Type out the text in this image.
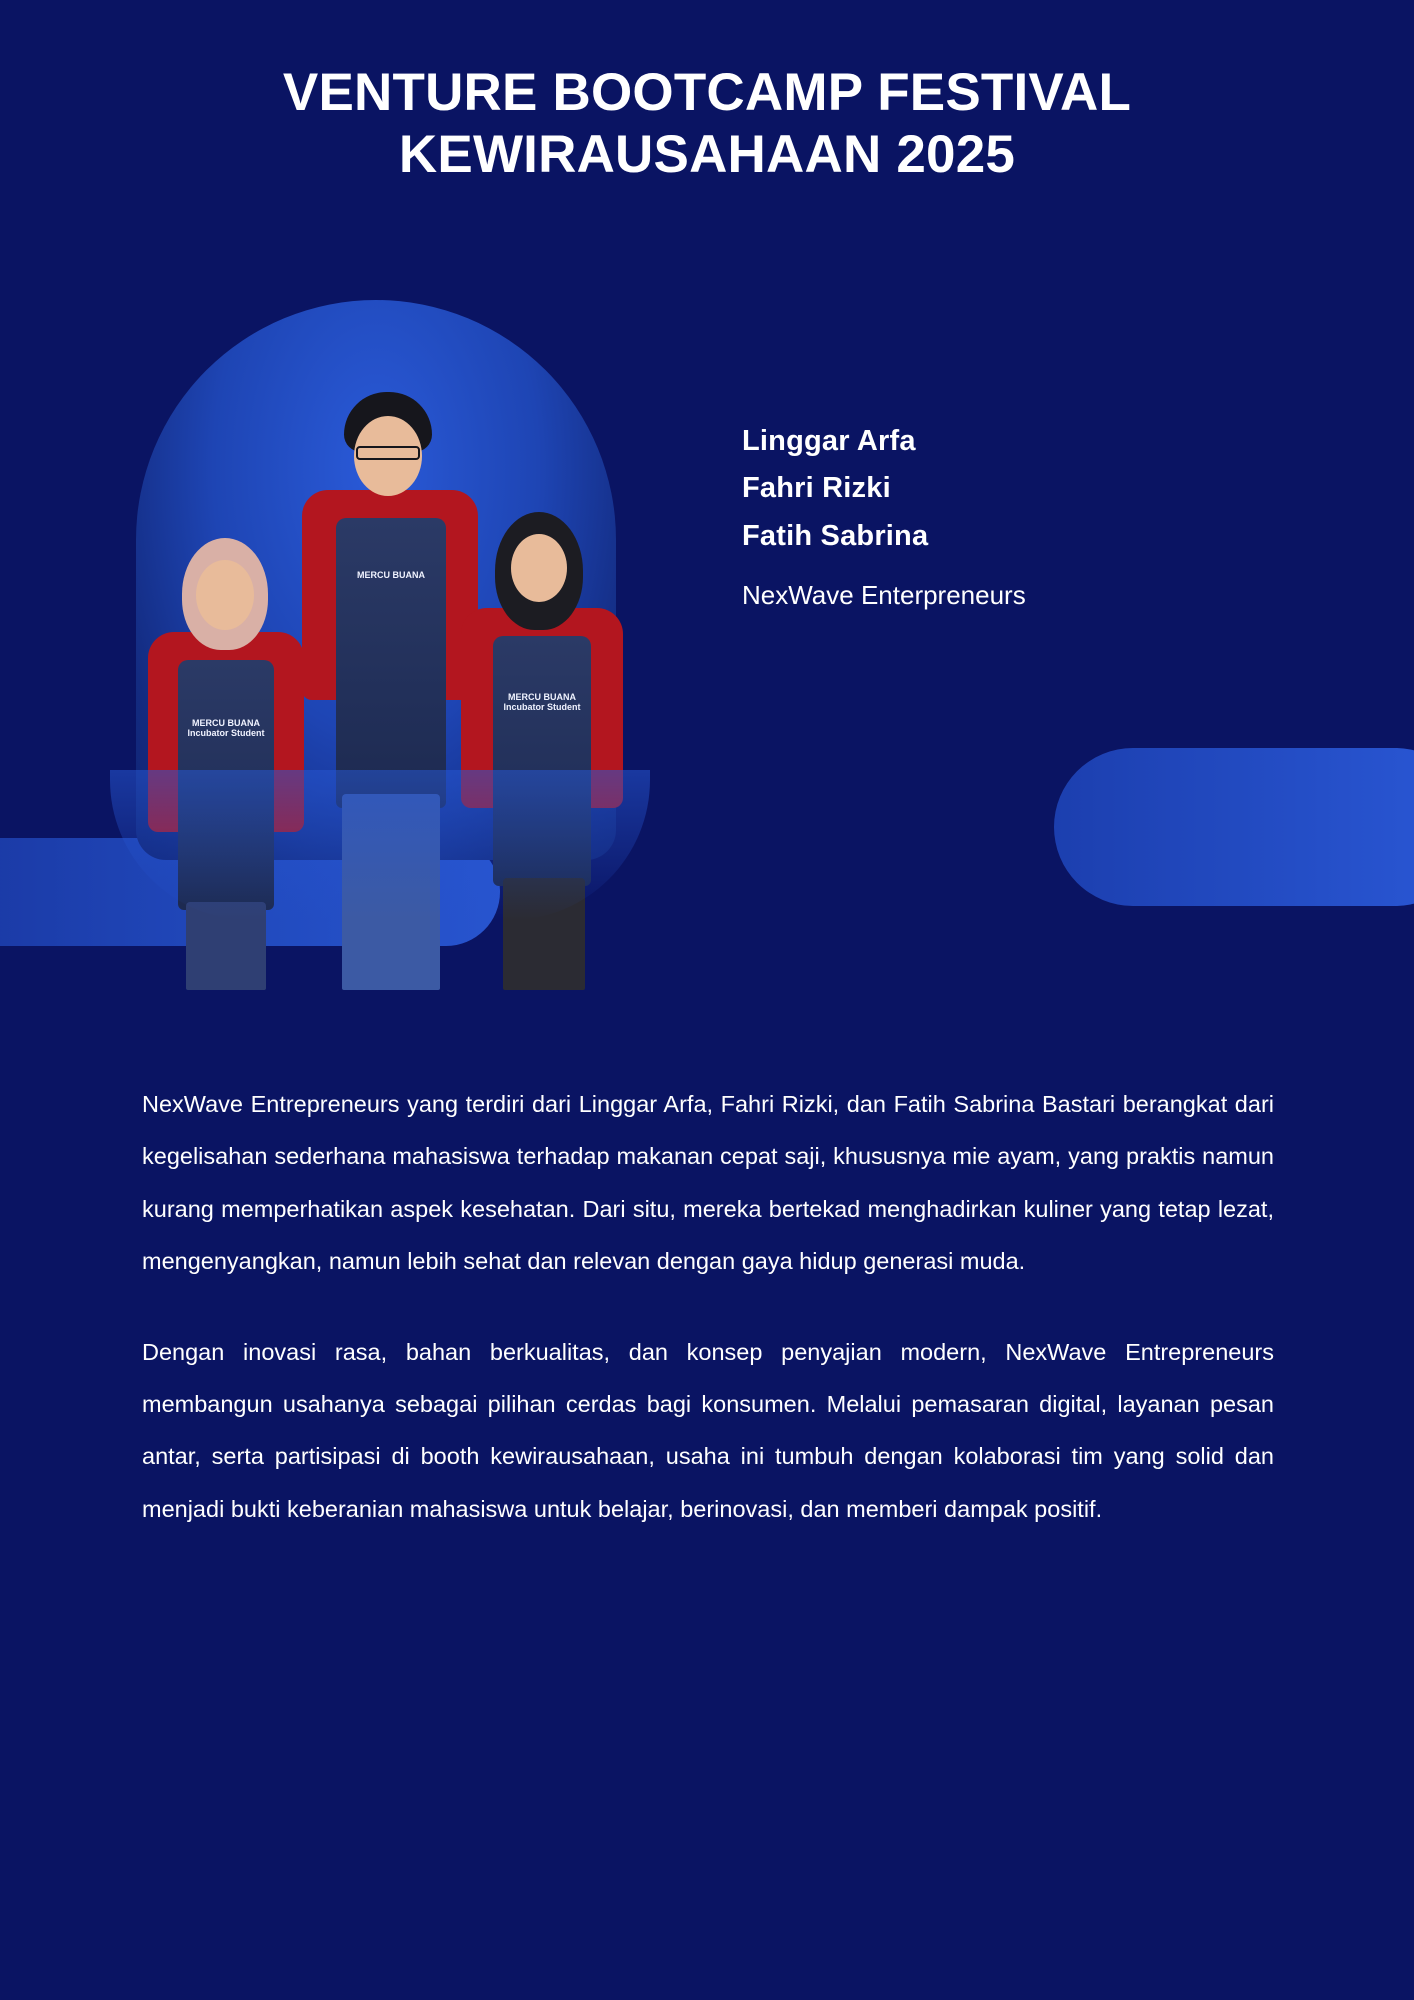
VENTURE BOOTCAMP FESTIVAL KEWIRAUSAHAAN 2025
MERCU BUANA Incubator Student
MERCU BUANA
MERCU BUANA Incubator Student
Linggar Arfa
Fahri Rizki
Fatih Sabrina
NexWave Enterpreneurs

NexWave Entrepreneurs yang terdiri dari Linggar Arfa, Fahri Rizki, dan Fatih Sabrina Bastari berangkat dari kegelisahan sederhana mahasiswa terhadap makanan cepat saji, khususnya mie ayam, yang praktis namun kurang memperhatikan aspek kesehatan. Dari situ, mereka bertekad menghadirkan kuliner yang tetap lezat, mengenyangkan, namun lebih sehat dan relevan dengan gaya hidup generasi muda.

Dengan inovasi rasa, bahan berkualitas, dan konsep penyajian modern, NexWave Entrepreneurs membangun usahanya sebagai pilihan cerdas bagi konsumen. Melalui pemasaran digital, layanan pesan antar, serta partisipasi di booth kewirausahaan, usaha ini tumbuh dengan kolaborasi tim yang solid dan menjadi bukti keberanian mahasiswa untuk belajar, berinovasi, dan memberi dampak positif.
